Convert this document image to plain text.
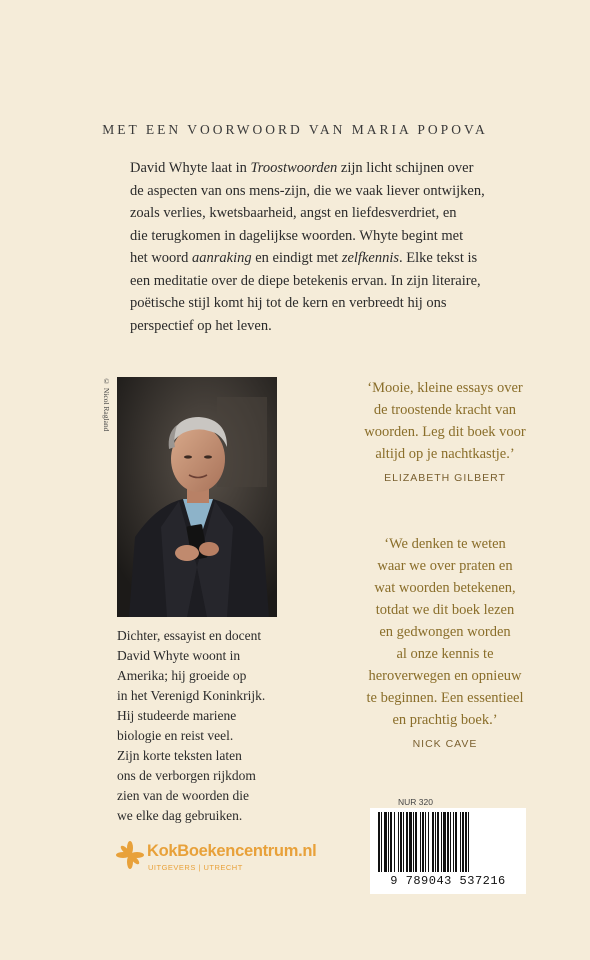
MET EEN VOORWOORD VAN MARIA POPOVA

David Whyte laat in Troostwoorden zijn licht schijnen over

de aspecten van ons mens-zijn, die we vaak liever ontwijken,

zoals verlies, kwetsbaarheid, angst en liefdesverdriet, en

die terugkomen in dagelijkse woorden. Whyte begint met

het woord aanraking en eindigt met zelfkennis. Elke tekst is

een meditatie over de diepe betekenis ervan. In zijn literaire,

poëtische stijl komt hij tot de kern en verbreedt hij ons

perspectief op het leven.

© Nicol Ragland

Dichter, essayist en docent

David Whyte woont in

Amerika; hij groeide op

in het Verenigd Koninkrijk.

Hij studeerde mariene

biologie en reist veel.

Zijn korte teksten laten

ons de verborgen rijkdom

zien van de woorden die

we elke dag gebruiken.

‘Mooie, kleine essays over

de troostende kracht van

woorden. Leg dit boek voor

altijd op je nachtkastje.’

ELIZABETH GILBERT

‘We denken te weten

waar we over praten en

wat woorden betekenen,

totdat we dit boek lezen

en gedwongen worden

al onze kennis te

heroverwegen en opnieuw

te beginnen. Een essentieel

en prachtig boek.’

NICK CAVE

KokBoekencentrum.nl
UITGEVERS | UTRECHT
NUR 320
9 789043 537216
